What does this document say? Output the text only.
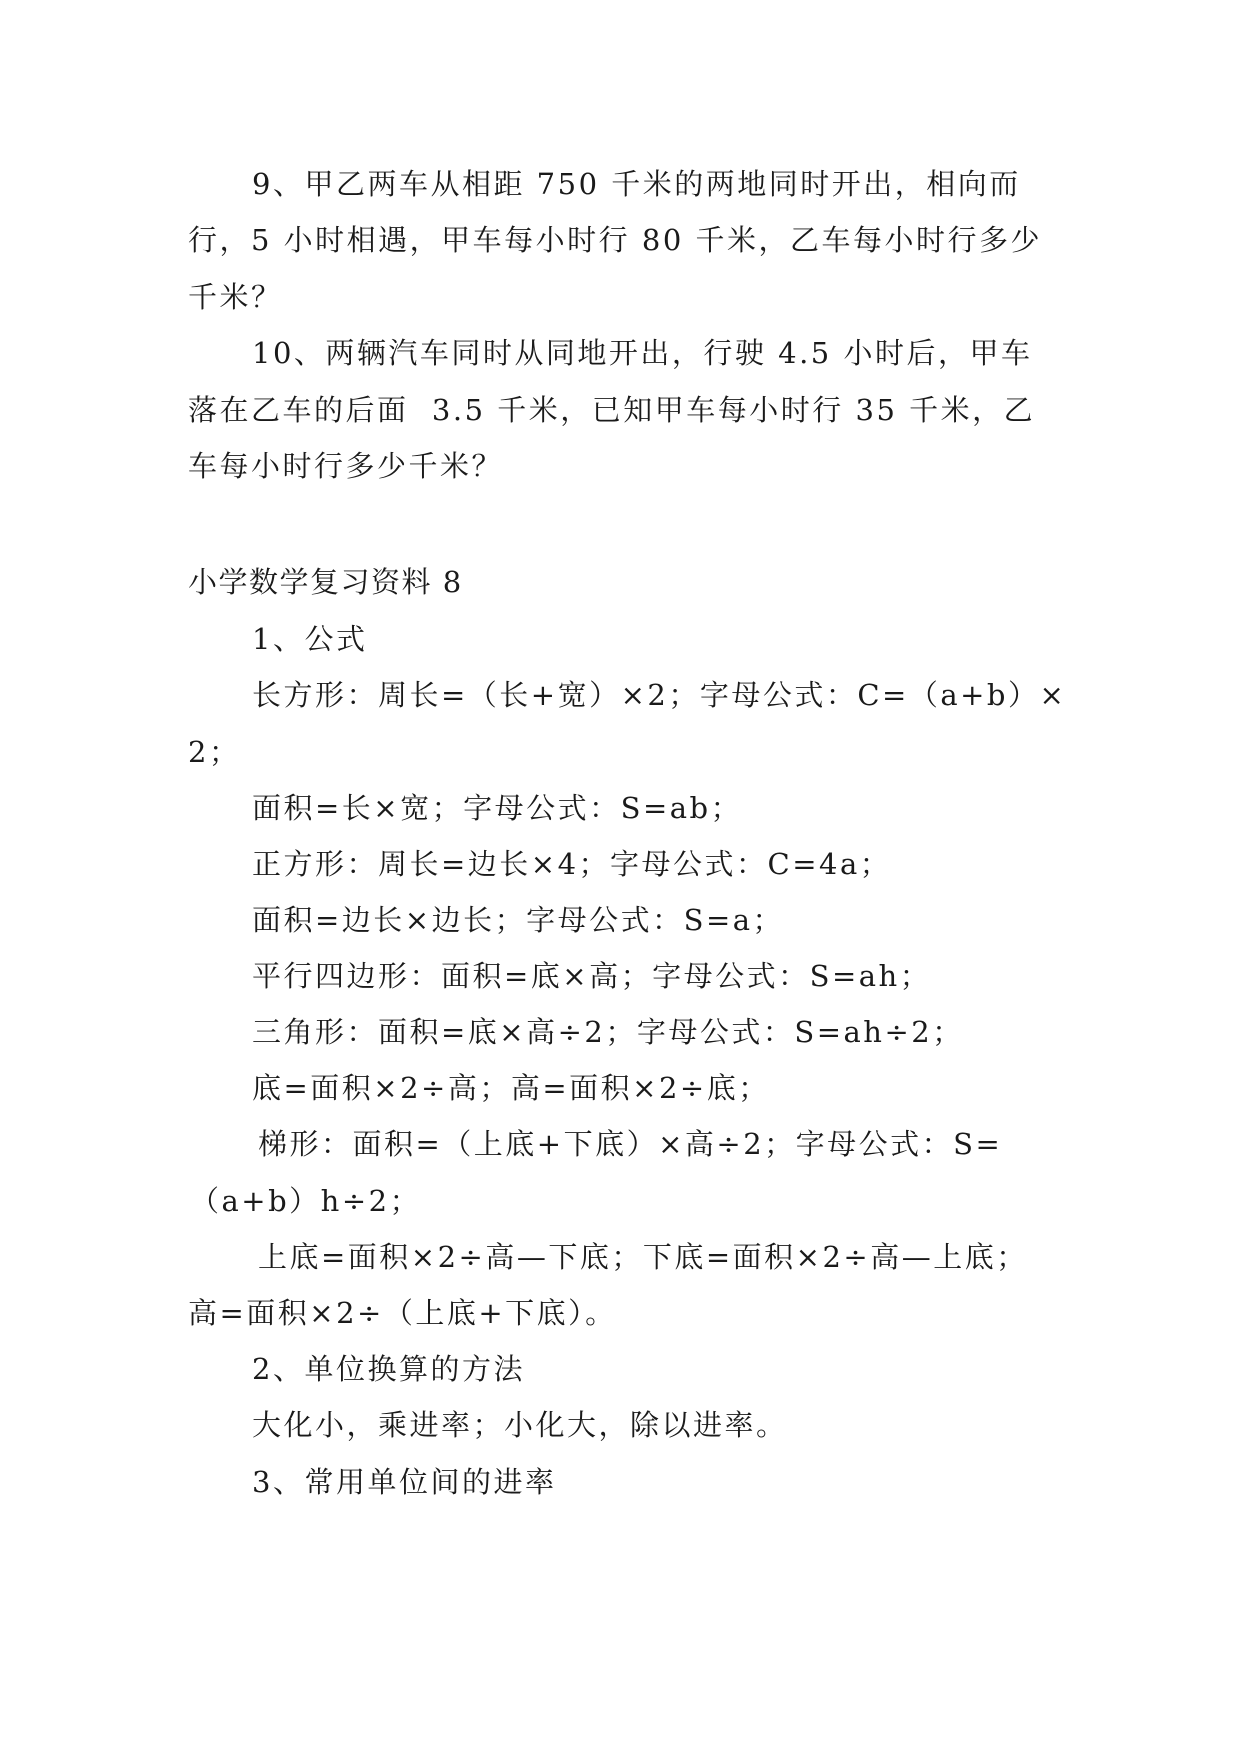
9、甲乙两车从相距 750 千米的两地同时开出，相向而
行，5 小时相遇，甲车每小时行 80 千米，乙车每小时行多少
千米？
10、两辆汽车同时从同地开出，行驶 4.5 小时后，甲车
落在乙车的后面  3.5 千米，已知甲车每小时行 35 千米，乙
车每小时行多少千米？
小学数学复习资料 8
1、公式
长方形：周长=（长+宽）×2；字母公式：C=（a+b）×
2；
面积=长×宽；字母公式：S=ab；
正方形：周长=边长×4；字母公式：C=4a；
面积=边长×边长；字母公式：S=a；
平行四边形：面积=底×高；字母公式：S=ah；
三角形：面积=底×高÷2；字母公式：S=ah÷2；
底=面积×2÷高；高=面积×2÷底；
梯形：面积=（上底+下底）×高÷2；字母公式：S=
（a+b）h÷2；
上底=面积×2÷高—下底；下底=面积×2÷高—上底；
高=面积×2÷（上底+下底）。
2、单位换算的方法
大化小，乘进率；小化大，除以进率。
3、常用单位间的进率
